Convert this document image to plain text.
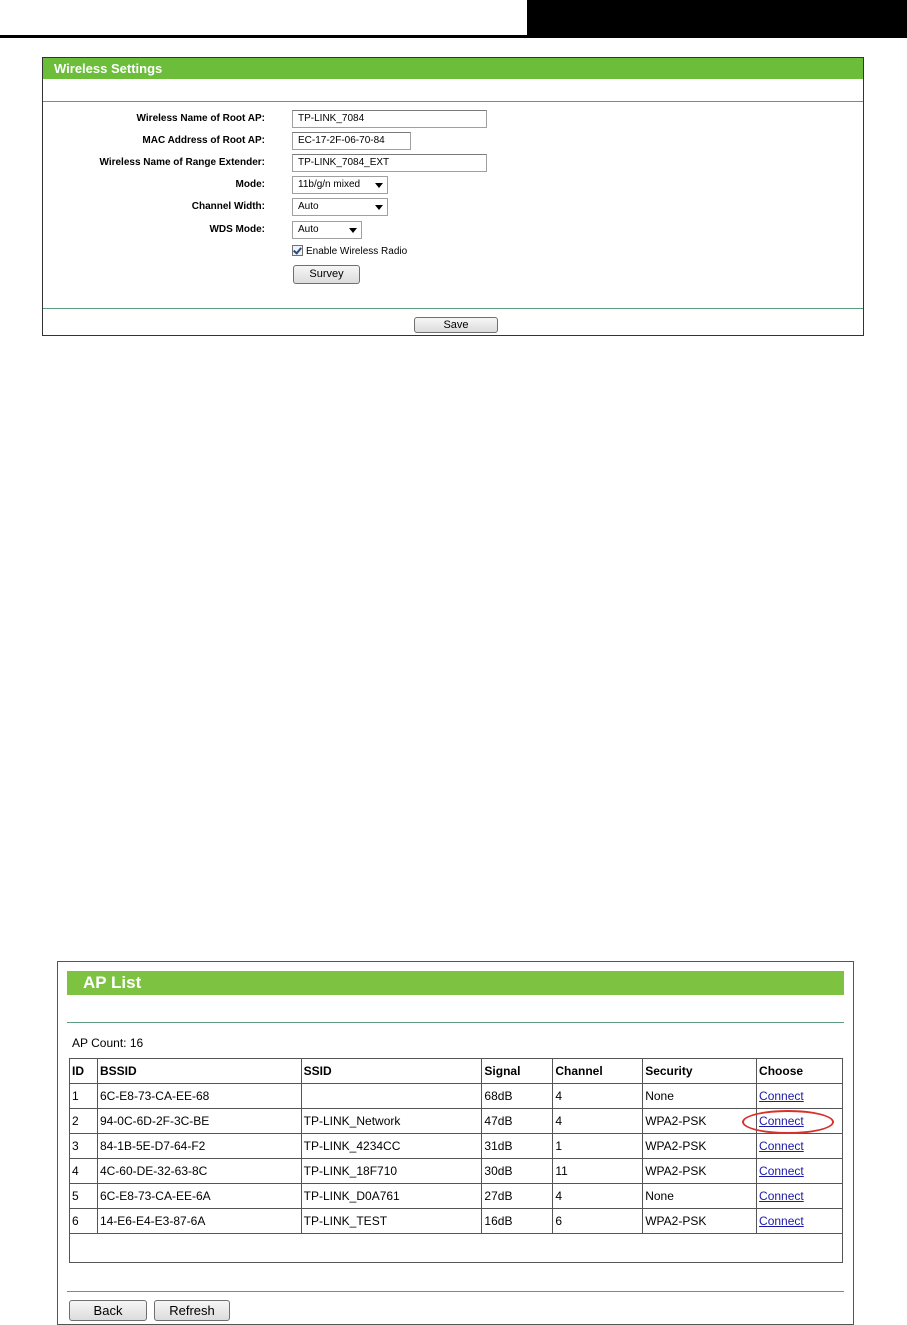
Wireless Settings
Wireless Name of Root AP:	TP-LINK_7084
MAC Address of Root AP:	EC-17-2F-06-70-84
Wireless Name of Range Extender:	TP-LINK_7084_EXT
Mode:	11b/g/n mixed
Channel Width:	Auto
WDS Mode:	Auto
Enable Wireless Radio
Survey
Save
AP List
AP Count: 16
ID	BSSID	SSID	Signal	Channel	Security	Choose
1	6C-E8-73-CA-EE-68		68dB	4	None	Connect
2	94-0C-6D-2F-3C-BE	TP-LINK_Network	47dB	4	WPA2-PSK	Connect
3	84-1B-5E-D7-64-F2	TP-LINK_4234CC	31dB	1	WPA2-PSK	Connect
4	4C-60-DE-32-63-8C	TP-LINK_18F710	30dB	11	WPA2-PSK	Connect
5	6C-E8-73-CA-EE-6A	TP-LINK_D0A761	27dB	4	None	Connect
6	14-E6-E4-E3-87-6A	TP-LINK_TEST	16dB	6	WPA2-PSK	Connect

Back	Refresh
